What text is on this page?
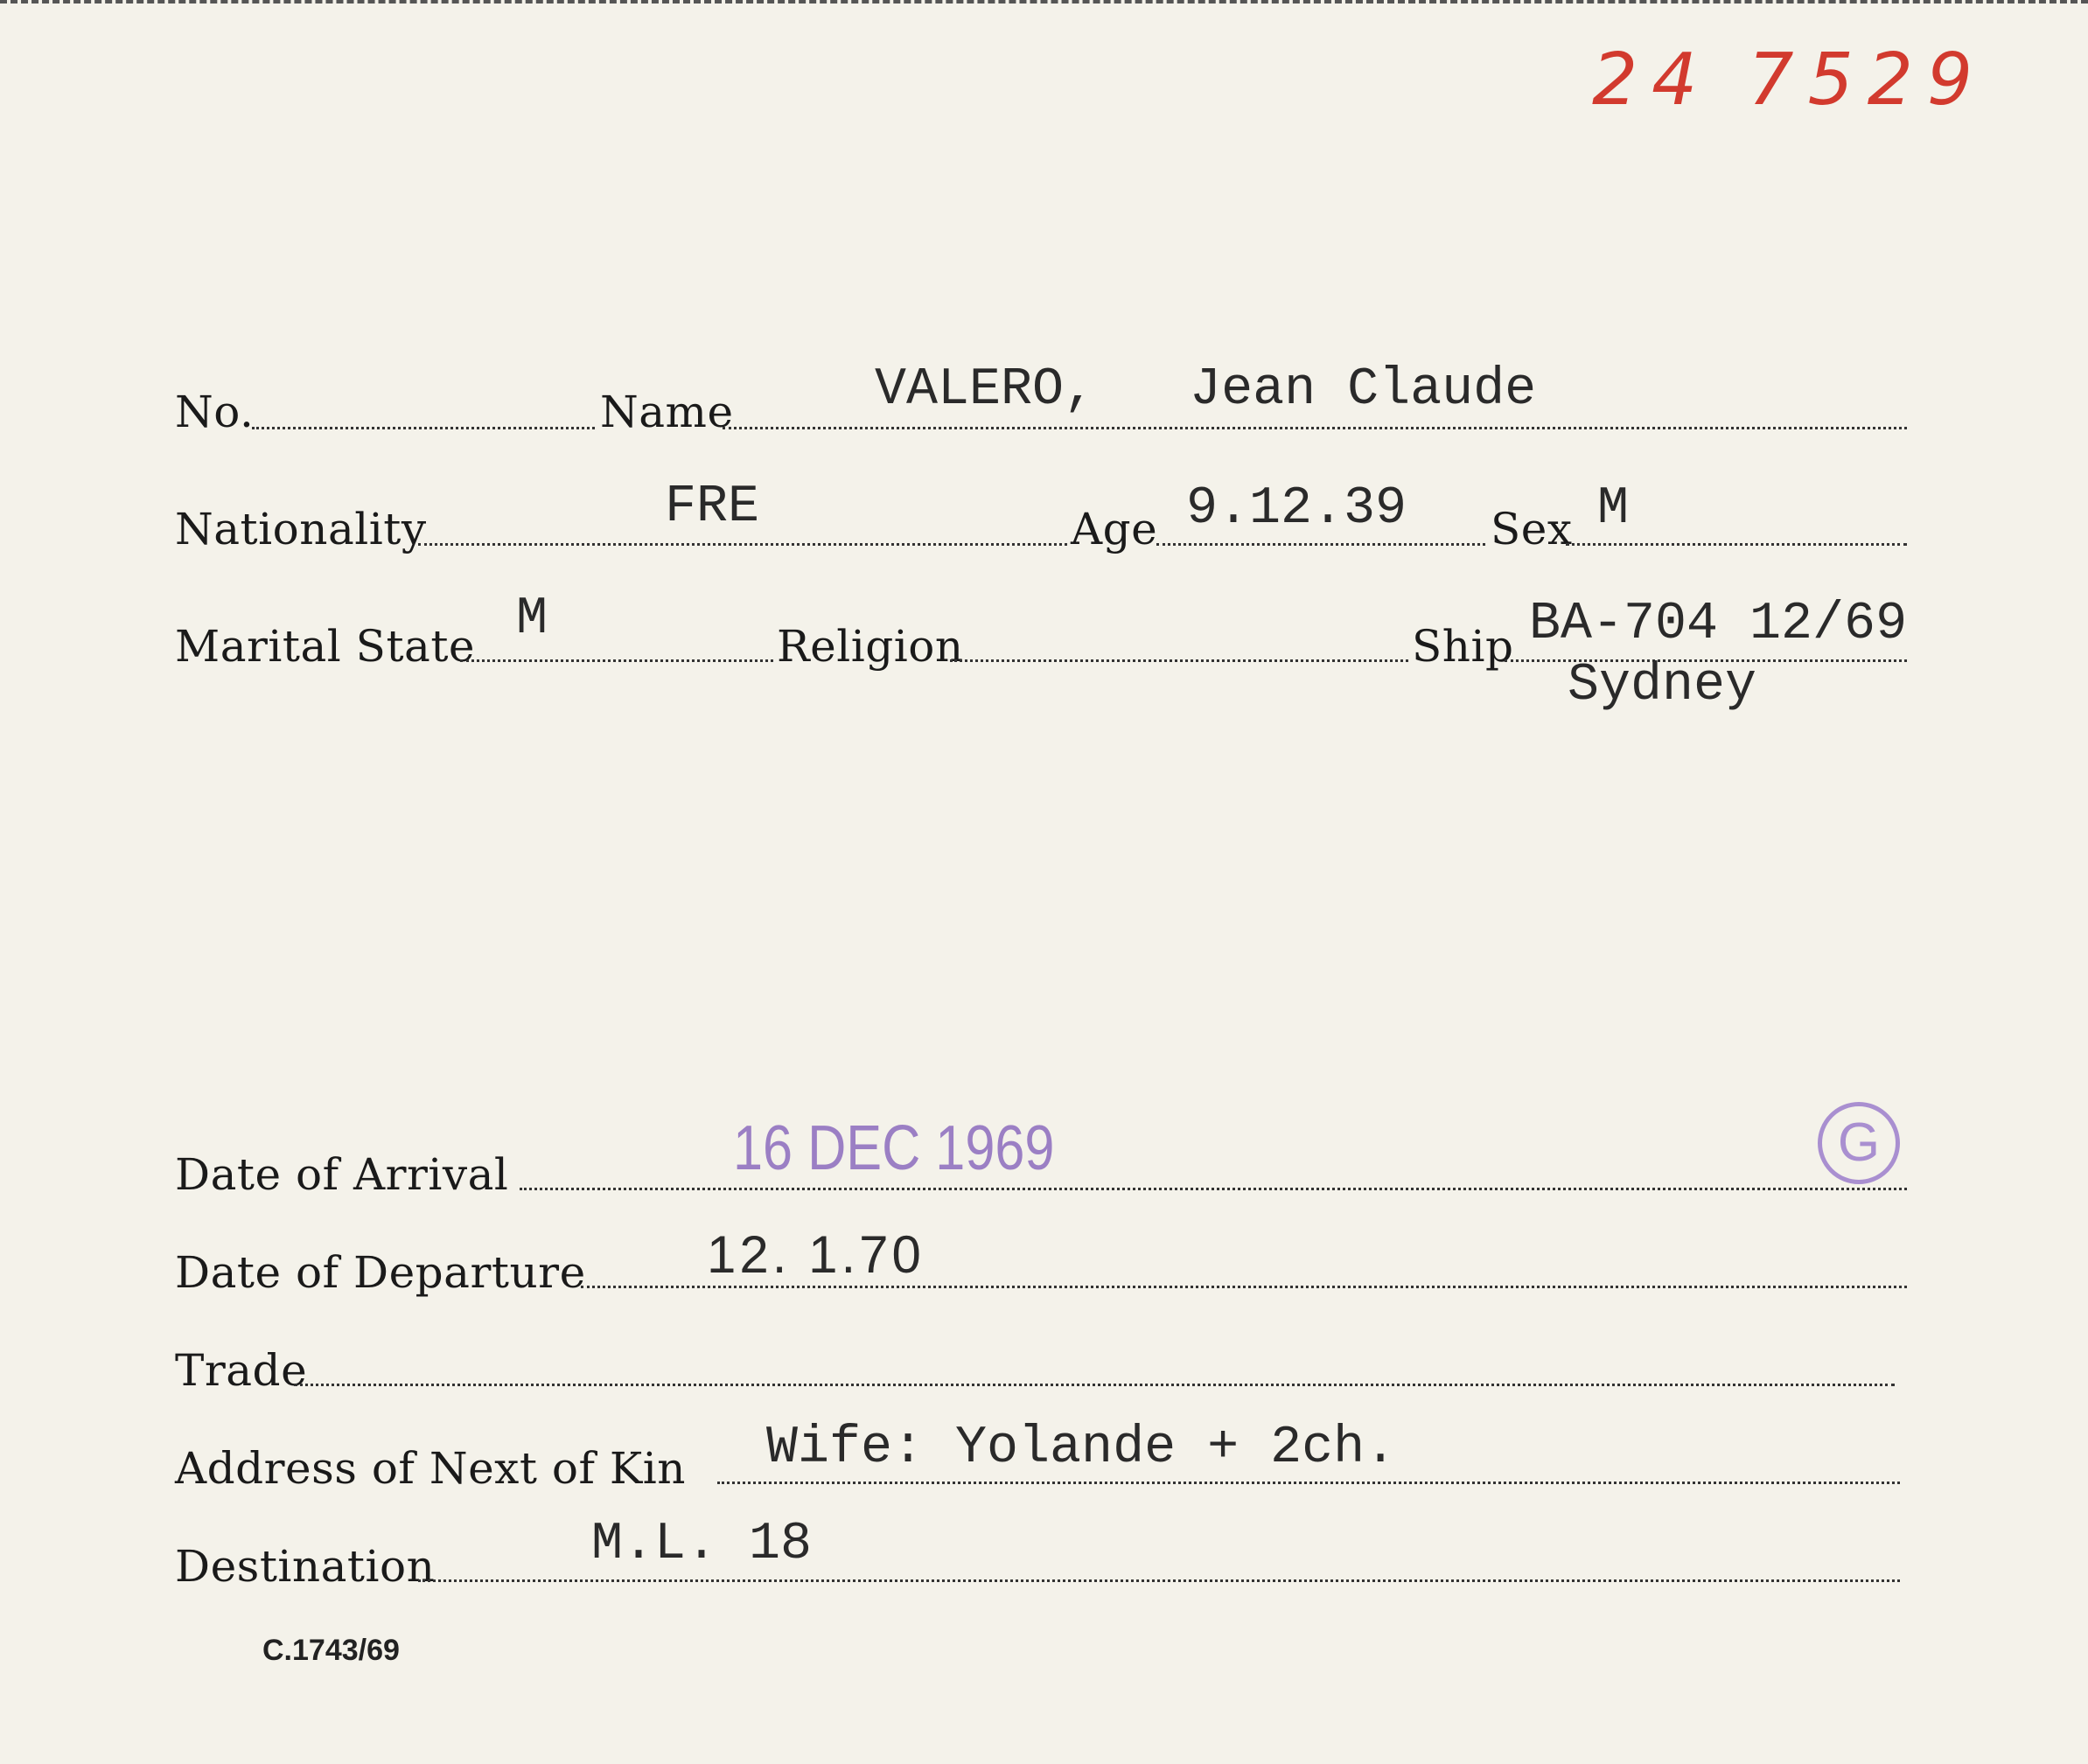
24 7529
No.	Name	VALERO,   Jean Claude
Nationality	FRE	Age 9.12.39 Sex M
Marital State M	Religion	Ship BA-704 12/69
Sydney
Date of Arrival	16 DEC 1969	G
Date of Departure 12. 1.70
Trade
Address of Next of Kin Wife: Yolande + 2ch.
Destination	M.L. 18
C.1743/69
